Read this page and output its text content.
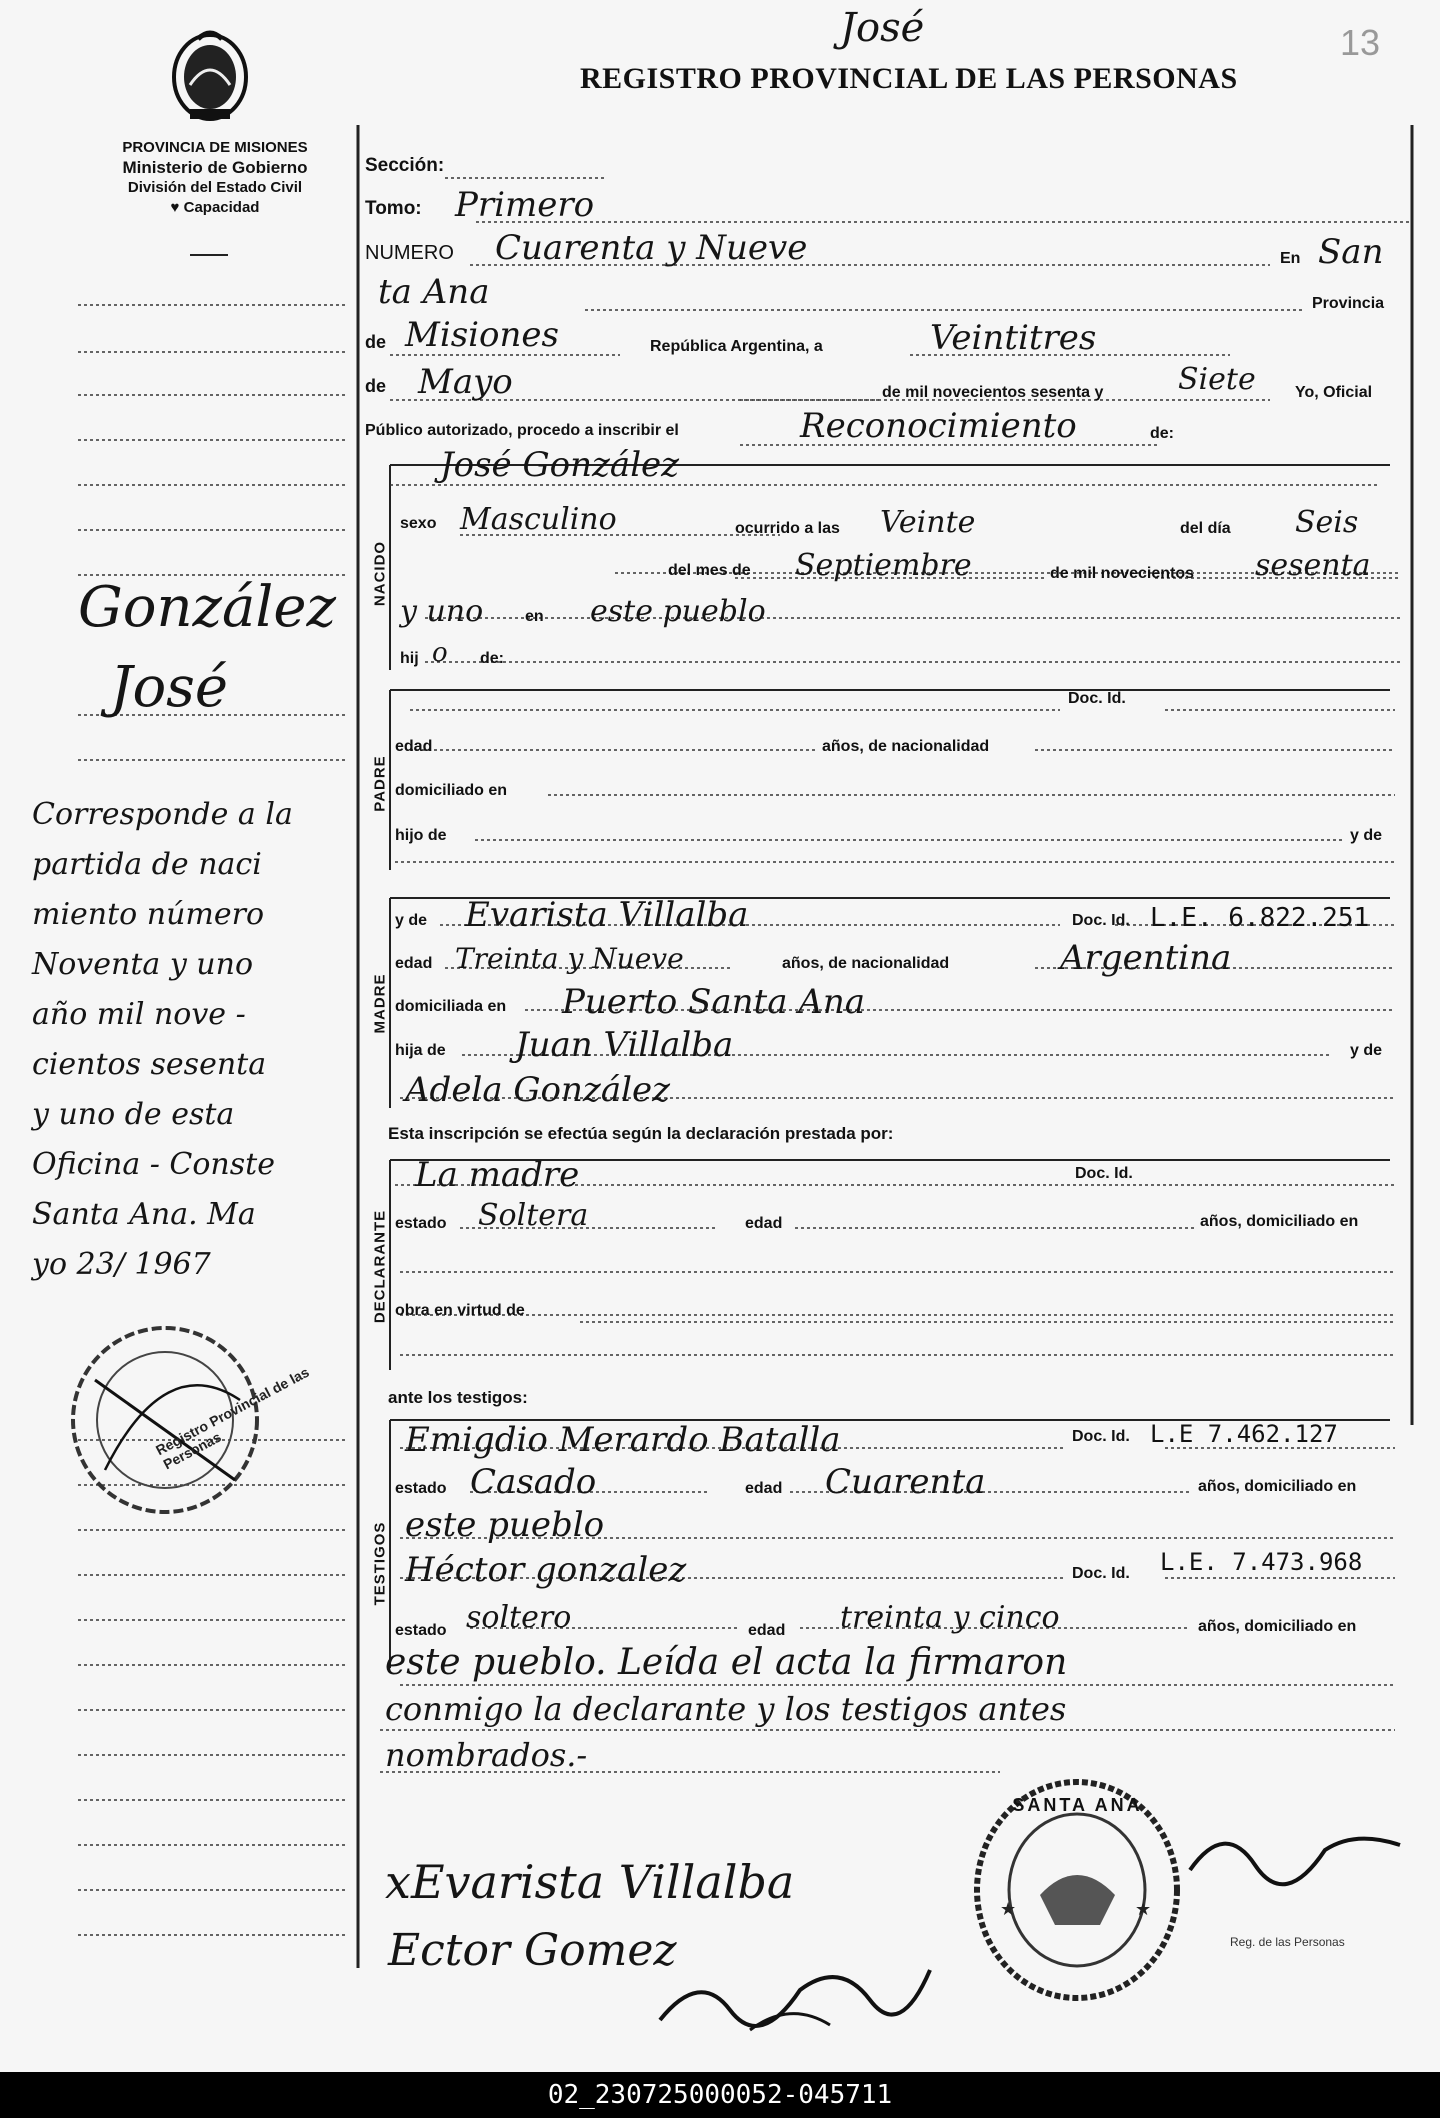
PROVINCIA DE MISIONES
Ministerio de Gobierno
División del Estado Civil
♥ Capacidad
REGISTRO PROVINCIAL DE LAS PERSONAS
José	13
González
José
Corresponde a la
partida de naci
miento número
Noventa y uno
año mil nove -
cientos sesenta
y uno de esta
Oficina - Conste
Santa Ana. Ma
yo 23/ 1967
Registro Provincial de las Personas
Sección:
Tomo: Primero
NUMERO Cuarenta y Nueve	En San
ta Ana	Provincia
de Misiones	República Argentina, a	Veintitres
de Mayo	de mil novecientos sesenta y Siete Yo, Oficial
Público autorizado, procedo a inscribir el	Reconocimiento	de:
NACIDO
José González
sexo Masculino	ocurrido a las Veinte	del día Seis
del mes de Septiembre	de mil novecientos sesenta
y uno	en este pueblo
hij o de:
PADRE
Doc. Id.
edad	años, de nacionalidad
domiciliado en
hijo de	y de
MADRE
y de Evarista Villalba	Doc. Id. L.E. 6.822.251
edad Treinta y Nueve	años, de nacionalidad	Argentina
domiciliada en Puerto Santa Ana
hija de Juan Villalba	y de
Adela González
Esta inscripción se efectúa según la declaración prestada por:
DECLARANTE
La madre	Doc. Id.
estado Soltera	edad	años, domiciliado en
obra en virtud de
ante los testigos:
TESTIGOS
Emigdio Merardo Batalla	Doc. Id. L.E 7.462.127
estado Casado	edad Cuarenta	años, domiciliado en
este pueblo
Héctor gonzalez	Doc. Id. L.E. 7.473.968
estado soltero	edad treinta y cinco	años, domiciliado en
este pueblo. Leída el acta la firmaron
conmigo la declarante y los testigos antes
nombrados.-
xEvarista Villalba
Ector Gomez
★
★
SANTA ANA
Reg. de las Personas
02_230725000052-045711
